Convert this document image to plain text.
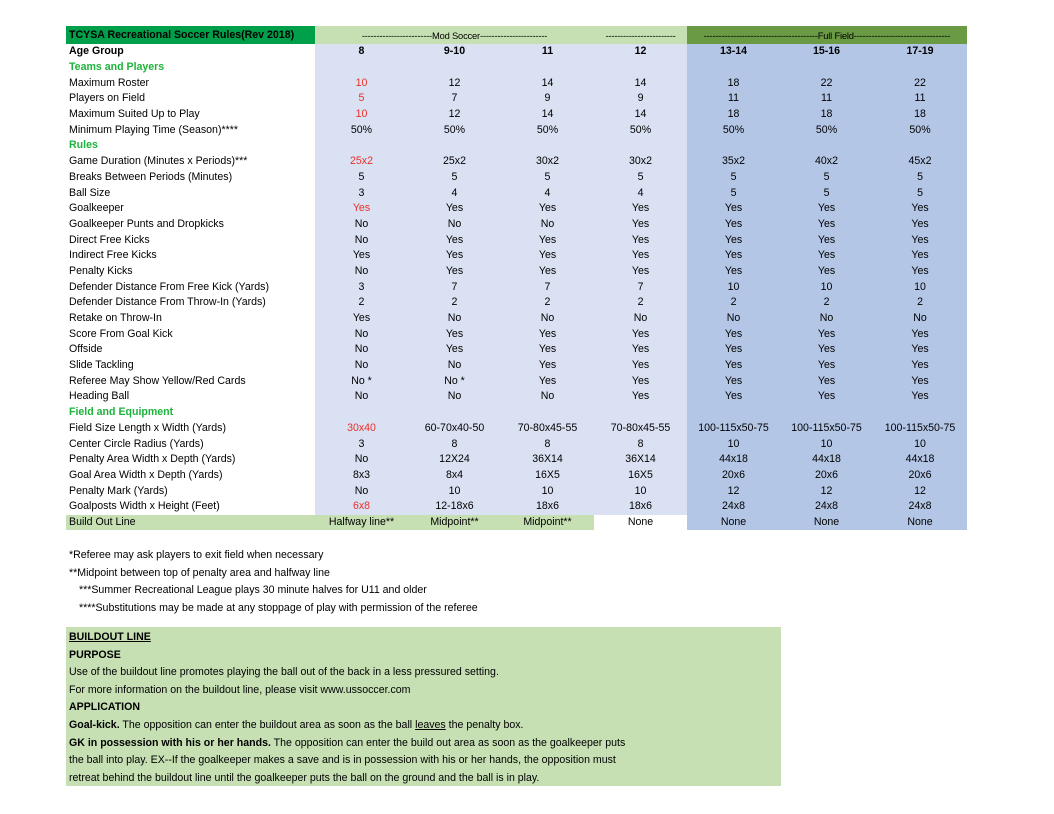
TCYSA Recreational Soccer Rules(Rev 2018)	------------------------Mod Soccer-----------------------			------------------------	---------------------------------------Full Field---------------------------------		
Age Group	8	9-10	11	12	13-14	15-16	17-19
Teams and Players							
Maximum Roster	10	12	14	14	18	22	22
Players on Field	5	7	9	9	11	11	11
Maximum Suited Up to Play	10	12	14	14	18	18	18
Minimum Playing Time (Season)****	50%	50%	50%	50%	50%	50%	50%
Rules							
Game Duration (Minutes x Periods)***	25x2	25x2	30x2	30x2	35x2	40x2	45x2
Breaks Between Periods (Minutes)	5	5	5	5	5	5	5
Ball Size	3	4	4	4	5	5	5
Goalkeeper	Yes	Yes	Yes	Yes	Yes	Yes	Yes
Goalkeeper Punts and Dropkicks	No	No	No	Yes	Yes	Yes	Yes
Direct Free Kicks	No	Yes	Yes	Yes	Yes	Yes	Yes
Indirect Free Kicks	Yes	Yes	Yes	Yes	Yes	Yes	Yes
Penalty Kicks	No	Yes	Yes	Yes	Yes	Yes	Yes
Defender Distance From Free Kick (Yards)	3	7	7	7	10	10	10
Defender Distance From Throw-In (Yards)	2	2	2	2	2	2	2
Retake on Throw-In	Yes	No	No	No	No	No	No
Score From Goal Kick	No	Yes	Yes	Yes	Yes	Yes	Yes
Offside	No	Yes	Yes	Yes	Yes	Yes	Yes
Slide Tackling	No	No	Yes	Yes	Yes	Yes	Yes
Referee May Show Yellow/Red Cards	No *	No *	Yes	Yes	Yes	Yes	Yes
Heading Ball	No	No	No	Yes	Yes	Yes	Yes
Field and Equipment							
Field Size Length x Width (Yards)	30x40	60-70x40-50	70-80x45-55	70-80x45-55	100-115x50-75	100-115x50-75	100-115x50-75
Center Circle Radius (Yards)	3	8	8	8	10	10	10
Penalty Area Width x Depth (Yards)	No	12X24	36X14	36X14	44x18	44x18	44x18
Goal Area Width x Depth (Yards)	8x3	8x4	16X5	16X5	20x6	20x6	20x6
Penalty Mark (Yards)	No	10	10	10	12	12	12
Goalposts Width x Height (Feet)	6x8	12-18x6	18x6	18x6	24x8	24x8	24x8
Build Out Line	Halfway line**	Midpoint**	Midpoint**	None	None	None	None
*Referee may ask players to exit field when necessary
**Midpoint between top of penalty area and halfway line
***Summer Recreational League plays 30 minute halves for U11 and older
****Substitutions may be made at any stoppage of play with permission of the referee
BUILDOUT LINE
PURPOSE
Use of the buildout line promotes playing the ball out of the back in a less pressured setting.
For more information on the buildout line, please visit www.ussoccer.com
APPLICATION
Goal-kick. The opposition can enter the buildout area as soon as the ball leaves the penalty box.
GK in possession with his or her hands. The opposition can enter the build out area as soon as the goalkeeper puts
the ball into play. EX--If the goalkeeper makes a save and is in possession with his or her hands, the opposition must
retreat behind the buildout line until the goalkeeper puts the ball on the ground and the ball is in play.
